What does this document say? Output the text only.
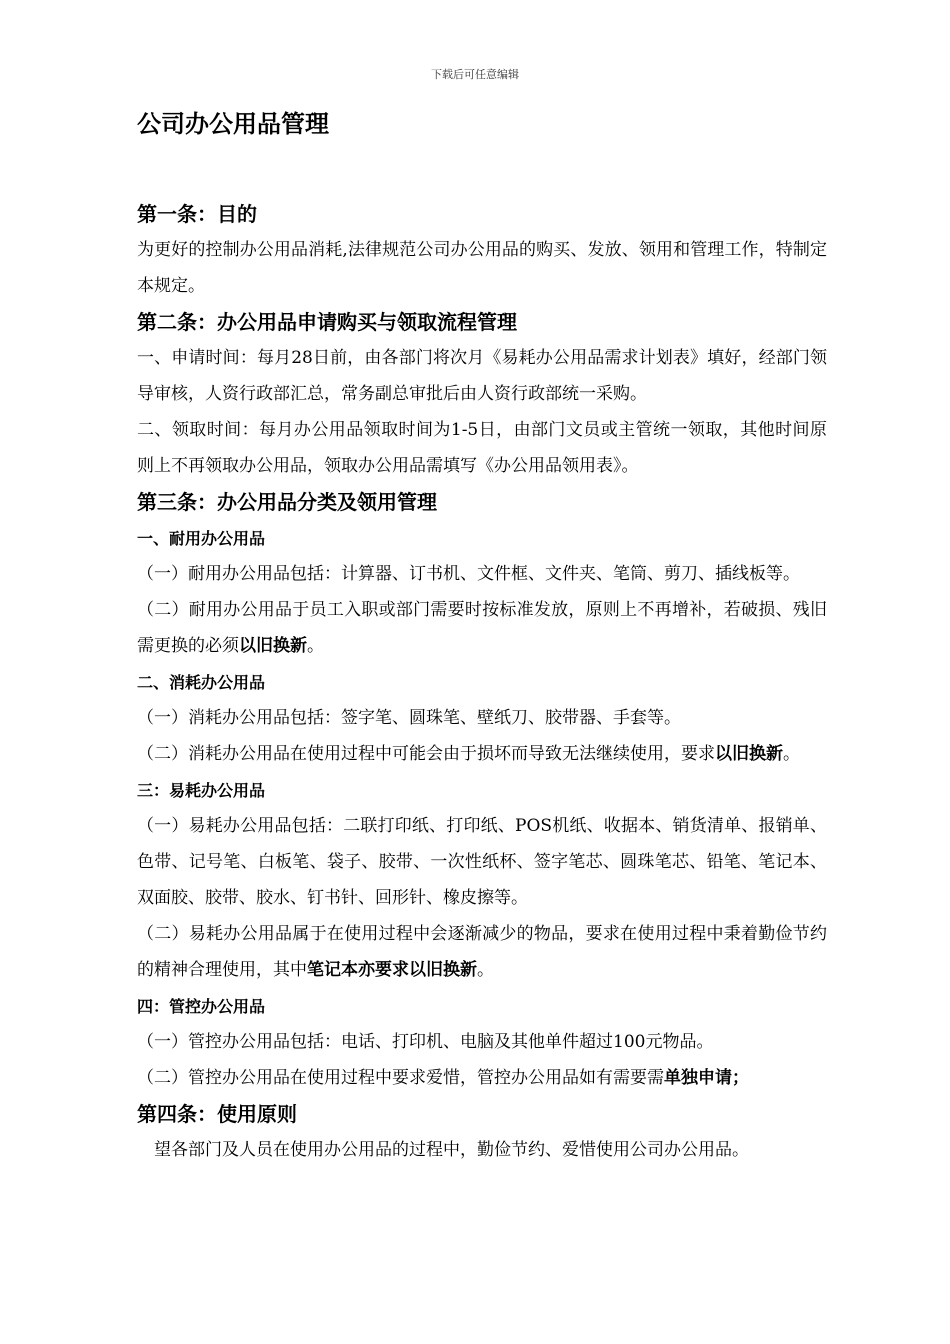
下载后可任意编辑
公司办公用品管理
第一条：目的

为更好的控制办公用品消耗,法律规范公司办公用品的购买、发放、领用和管理工作，特制定本规定。

第二条：办公用品申请购买与领取流程管理

一、申请时间：每月28日前，由各部门将次月《易耗办公用品需求计划表》填好，经部门领导审核，人资行政部汇总，常务副总审批后由人资行政部统一采购。

二、领取时间：每月办公用品领取时间为1-5日，由部门文员或主管统一领取，其他时间原则上不再领取办公用品，领取办公用品需填写《办公用品领用表》。

第三条：办公用品分类及领用管理
一、耐用办公用品

（一）耐用办公用品包括：计算器、订书机、文件框、文件夹、笔筒、剪刀、插线板等。

（二）耐用办公用品于员工入职或部门需要时按标准发放，原则上不再增补，若破损、残旧需更换的必须以旧换新。

二、消耗办公用品

（一）消耗办公用品包括：签字笔、圆珠笔、壁纸刀、胶带器、手套等。

（二）消耗办公用品在使用过程中可能会由于损坏而导致无法继续使用，要求以旧换新。

三：易耗办公用品

（一）易耗办公用品包括：二联打印纸、打印纸、POS机纸、收据本、销货清单、报销单、色带、记号笔、白板笔、袋子、胶带、一次性纸杯、签字笔芯、圆珠笔芯、铅笔、笔记本、双面胶、胶带、胶水、钉书针、回形针、橡皮擦等。

（二）易耗办公用品属于在使用过程中会逐渐减少的物品，要求在使用过程中秉着勤俭节约的精神合理使用，其中笔记本亦要求以旧换新。

四：管控办公用品

（一）管控办公用品包括：电话、打印机、电脑及其他单件超过100元物品。

（二）管控办公用品在使用过程中要求爱惜，管控办公用品如有需要需单独申请；

第四条：使用原则

望各部门及人员在使用办公用品的过程中，勤俭节约、爱惜使用公司办公用品。
